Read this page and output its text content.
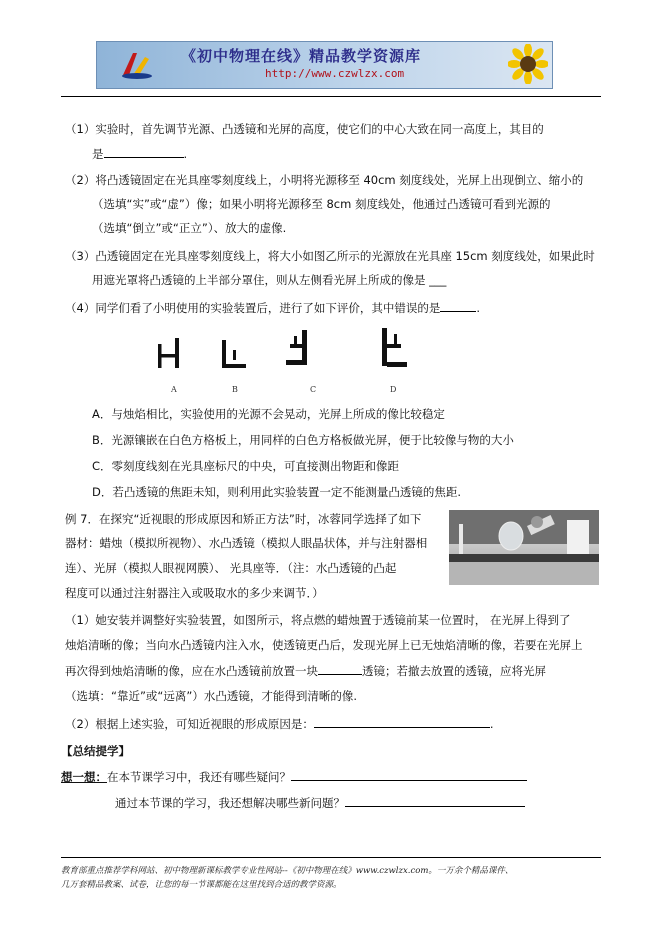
《初中物理在线》精品教学资源库
http://www.czwlzx.com
（1）实验时，首先调节光源、凸透镜和光屏的高度，使它们的中心大致在同一高度上，其目的
是	.
（2）将凸透镜固定在光具座零刻度线上，小明将光源移至 40cm 刻度线处，光屏上出现倒立、缩小的
（选填“实”或“虚”）像；如果小明将光源移至 8cm 刻度线处，他通过凸透镜可看到光源的
（选填“倒立”或“正立”）、放大的虚像.
（3）凸透镜固定在光具座零刻度线上，将大小如图乙所示的光源放在光具座 15cm 刻度线处，如果此时
用遮光罩将凸透镜的上半部分罩住，则从左侧看光屏上所成的像是 ___
（4）同学们看了小明使用的实验装置后，进行了如下评价，其中错误的是	.
A	B	C	D
A．与烛焰相比，实验使用的光源不会晃动，光屏上所成的像比较稳定
B．光源镶嵌在白色方格板上，用同样的白色方格板做光屏，便于比较像与物的大小
C．零刻度线刻在光具座标尺的中央，可直接测出物距和像距
D．若凸透镜的焦距未知，则利用此实验装置一定不能测量凸透镜的焦距.
例 7．在探究“近视眼的形成原因和矫正方法”时，冰蓉同学选择了如下
器材：蜡烛（模拟所视物）、水凸透镜（模拟人眼晶状体，并与注射器相
连）、光屏（模拟人眼视网膜）、 光具座等．（注：水凸透镜的凸起
程度可以通过注射器注入或吸取水的多少来调节．）
（1）她安装并调整好实验装置，如图所示，将点燃的蜡烛置于透镜前某一位置时， 在光屏上得到了
烛焰清晰的像；当向水凸透镜内注入水，使透镜更凸后，发现光屏上已无烛焰清晰的像，若要在光屏上
再次得到烛焰清晰的像，应在水凸透镜前放置一块	透镜；若撤去放置的透镜，应将光屏
（选填：“靠近”或“远离”）水凸透镜，才能得到清晰的像.
（2）根据上述实验，可知近视眼的形成原因是：	.
【总结提学】
想一想：在本节课学习中，我还有哪些疑问？
通过本节课的学习，我还想解决哪些新问题？
教育部重点推荐学科网站、初中物理新课标教学专业性网站--《初中物理在线》www.czwlzx.com。一万余个精品课件、
几万套精品教案、试卷，让您的每一节课都能在这里找到合适的教学资源。
